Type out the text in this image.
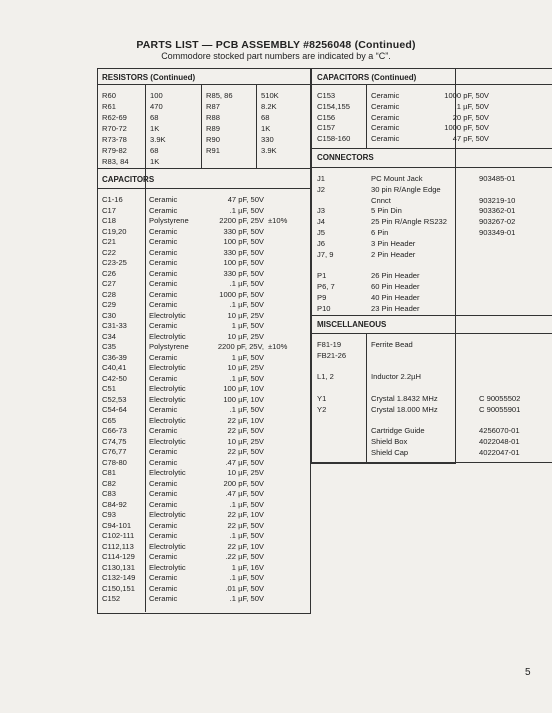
PARTS LIST — PCB ASSEMBLY #8256048 (Continued)
Commodore stocked part numbers are indicated by a “C”.
RESISTORS (Continued)
CAPACITORS
CAPACITORS (Continued)
CONNECTORS
MISCELLANEOUS
5
R60	100
R61	470
R62-69	68
R70-72	1K
R73-78	3.9K
R79-82	68
R83, 84	1K
R85, 86	510K
R87	8.2K
R88	68
R89	1K
R90	330
R91	3.9K
C1-16	Ceramic	47 pF, 50V
C17	Ceramic	.1 µF, 50V
C18	Polystyrene	2200 pF, 25V ±10%
C19,20	Ceramic	330 pF, 50V
C21	Ceramic	100 pF, 50V
C22	Ceramic	330 pF, 50V
C23-25	Ceramic	100 pF, 50V
C26	Ceramic	330 pF, 50V
C27	Ceramic	.1 µF, 50V
C28	Ceramic	1000 pF, 50V
C29	Ceramic	.1 µF, 50V
C30	Electrolytic	10 µF, 25V
C31-33	Ceramic	1 µF, 50V
C34	Electrolytic	10 µF, 25V
C35	Polystyrene	2200 pF, 25V, ±10%
C36-39	Ceramic	1 µF, 50V
C40,41	Electrolytic	10 µF, 25V
C42-50	Ceramic	.1 µF, 50V
C51	Electrolytic	100 µF, 10V
C52,53	Electrolytic	100 µF, 10V
C54-64	Ceramic	.1 µF, 50V
C65	Electrolytic	22 µF, 10V
C66-73	Ceramic	22 µF, 50V
C74,75	Electrolytic	10 µF, 25V
C76,77	Ceramic	22 µF, 50V
C78-80	Ceramic	.47 µF, 50V
C81	Electrolytic	10 µF, 25V
C82	Ceramic	200 pF, 50V
C83	Ceramic	.47 µF, 50V
C84-92	Ceramic	.1 µF, 50V
C93	Electrolytic	22 µF, 10V
C94-101 Ceramic	22 µF, 50V
C102-111 Ceramic	.1 µF, 50V
C112,113 Electrolytic	22 µF, 10V
C114-129 Ceramic	.22 µF, 50V
C130,131 Electrolytic	1 µF, 16V
C132-149 Ceramic	.1 µF, 50V
C150,151 Ceramic	.01 µF, 50V
C152	Ceramic	.1 µF, 50V
C153	Ceramic	1000 pF, 50V
C154,155	Ceramic	.1 µF, 50V
C156	Ceramic	20 pF, 50V
C157	Ceramic	1000 pF, 50V
C158-160	Ceramic	47 pF, 50V
J1	PC Mount Jack	903485-01
J2	30 pin R/Angle Edge
Cnnct	903219-10
J3	5 Pin Din	903362-01
J4	25 Pin R/Angle RS232	903267-02
J5	6 Pin	903349-01
J6	3 Pin Header
J7, 9	2 Pin Header
P1	26 Pin Header
P6, 7	60 Pin Header
P9	40 Pin Header
P10	23 Pin Header
F81-19	Ferrite Bead
FB21-26
L1, 2	Inductor 2.2µH
Y1	Crystal 1.8432 MHz	C 90055502
Y2	Crystal 18.000 MHz	C 90055901
Cartridge Guide	4256070-01
Shield Box	4022048-01
Shield Cap	4022047-01
